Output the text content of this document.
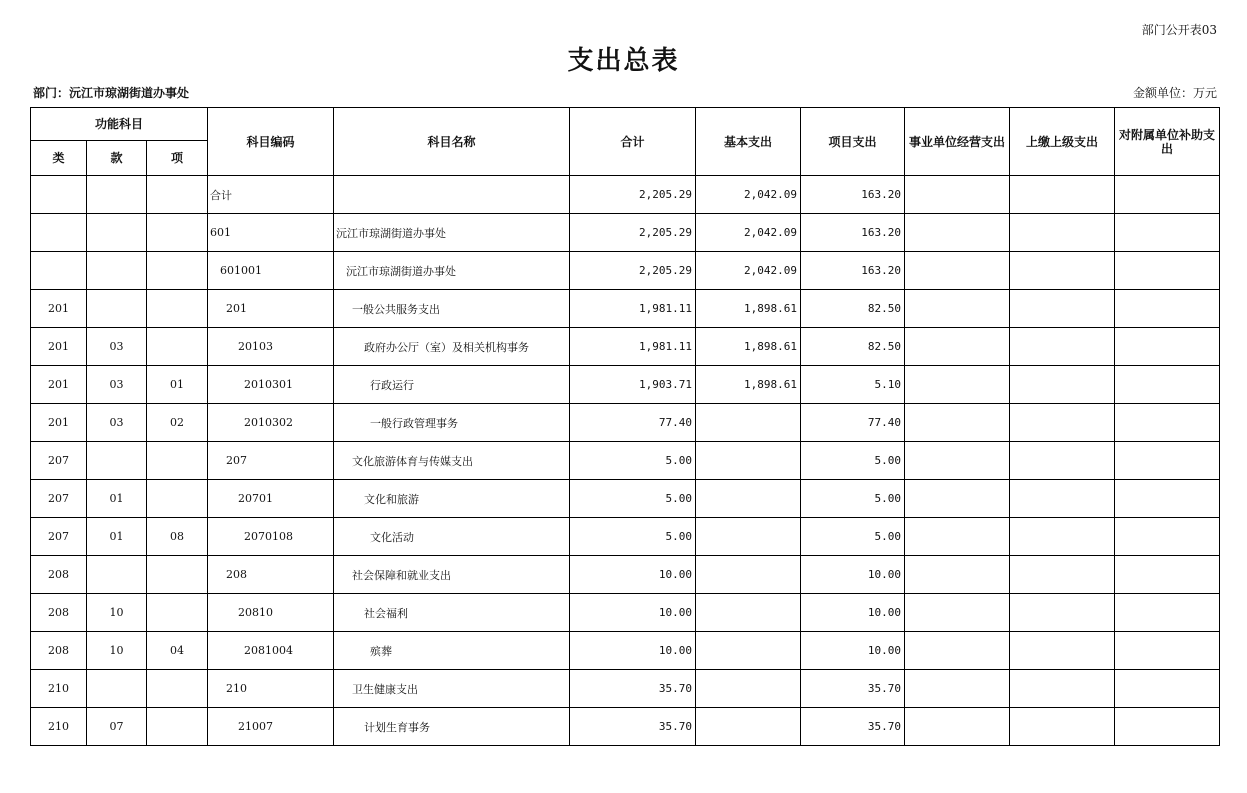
部门公开表03
支出总表
部门：沅江市琼湖街道办事处	金额单位：万元
功能科目			科目编码	科目名称	合计	基本支出	项目支出	事业单位经营支出	上缴上级支出	对附属单位补助支出
类	款	项								
			合计		2,205.29	2,042.09	163.20			
			601	沅江市琼湖街道办事处	2,205.29	2,042.09	163.20			
			601001	沅江市琼湖街道办事处	2,205.29	2,042.09	163.20			
201			201	一般公共服务支出	1,981.11	1,898.61	82.50			
201	03		20103	政府办公厅（室）及相关机构事务	1,981.11	1,898.61	82.50			
201	03	01	2010301	行政运行	1,903.71	1,898.61	5.10			
201	03	02	2010302	一般行政管理事务	77.40		77.40			
207			207	文化旅游体育与传媒支出	5.00		5.00			
207	01		20701	文化和旅游	5.00		5.00			
207	01	08	2070108	文化活动	5.00		5.00			
208			208	社会保障和就业支出	10.00		10.00			
208	10		20810	社会福利	10.00		10.00			
208	10	04	2081004	殡葬	10.00		10.00			
210			210	卫生健康支出	35.70		35.70			
210	07		21007	计划生育事务	35.70		35.70			
